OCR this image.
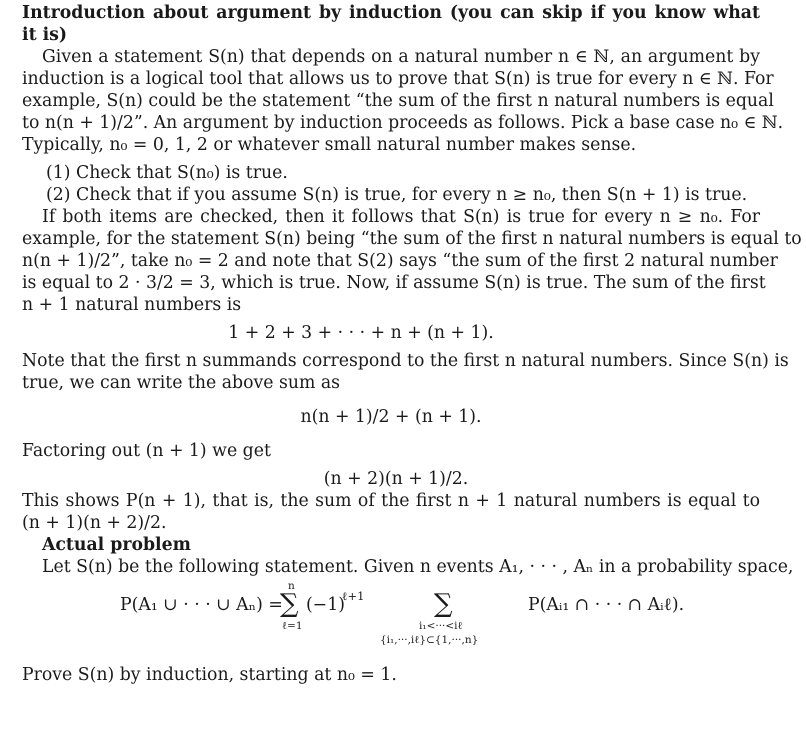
Introduction about argument by induction (you can skip if you know what
it is)
Given a statement S(n) that depends on a natural number n ∈ ℕ, an argument by
induction is a logical tool that allows us to prove that S(n) is true for every n ∈ ℕ. For
example, S(n) could be the statement “the sum of the first n natural numbers is equal
to n(n + 1)/2”. An argument by induction proceeds as follows. Pick a base case n₀ ∈ ℕ.
Typically, n₀ = 0, 1, 2 or whatever small natural number makes sense.
(1) Check that S(n₀) is true.
(2) Check that if you assume S(n) is true, for every n ≥ n₀, then S(n + 1) is true.
If both items are checked, then it follows that S(n) is true for every n ≥ n₀. For
example, for the statement S(n) being “the sum of the first n natural numbers is equal to
n(n + 1)/2”, take n₀ = 2 and note that S(2) says “the sum of the first 2 natural number
is equal to 2 · 3/2 = 3, which is true. Now, if assume S(n) is true. The sum of the first
n + 1 natural numbers is
1 + 2 + 3 + · · · + n + (n + 1).
Note that the first n summands correspond to the first n natural numbers. Since S(n) is
true, we can write the above sum as
n(n + 1)/2 + (n + 1).
Factoring out (n + 1) we get
(n + 2)(n + 1)/2.
This shows P(n + 1), that is, the sum of the first n + 1 natural numbers is equal to
(n + 1)(n + 2)/2.
Actual problem
Let S(n) be the following statement. Given n events A₁, · · · , Aₙ in a probability space,
P(A₁ ∪ · · · ∪ Aₙ) =
n
∑
ℓ=1
(−1)
ℓ+1	∑
i₁<···<iℓ
{i₁,···,iℓ}⊂{1,···,n}
P(Aᵢ₁ ∩ · · · ∩ Aᵢℓ).
Prove S(n) by induction, starting at n₀ = 1.
